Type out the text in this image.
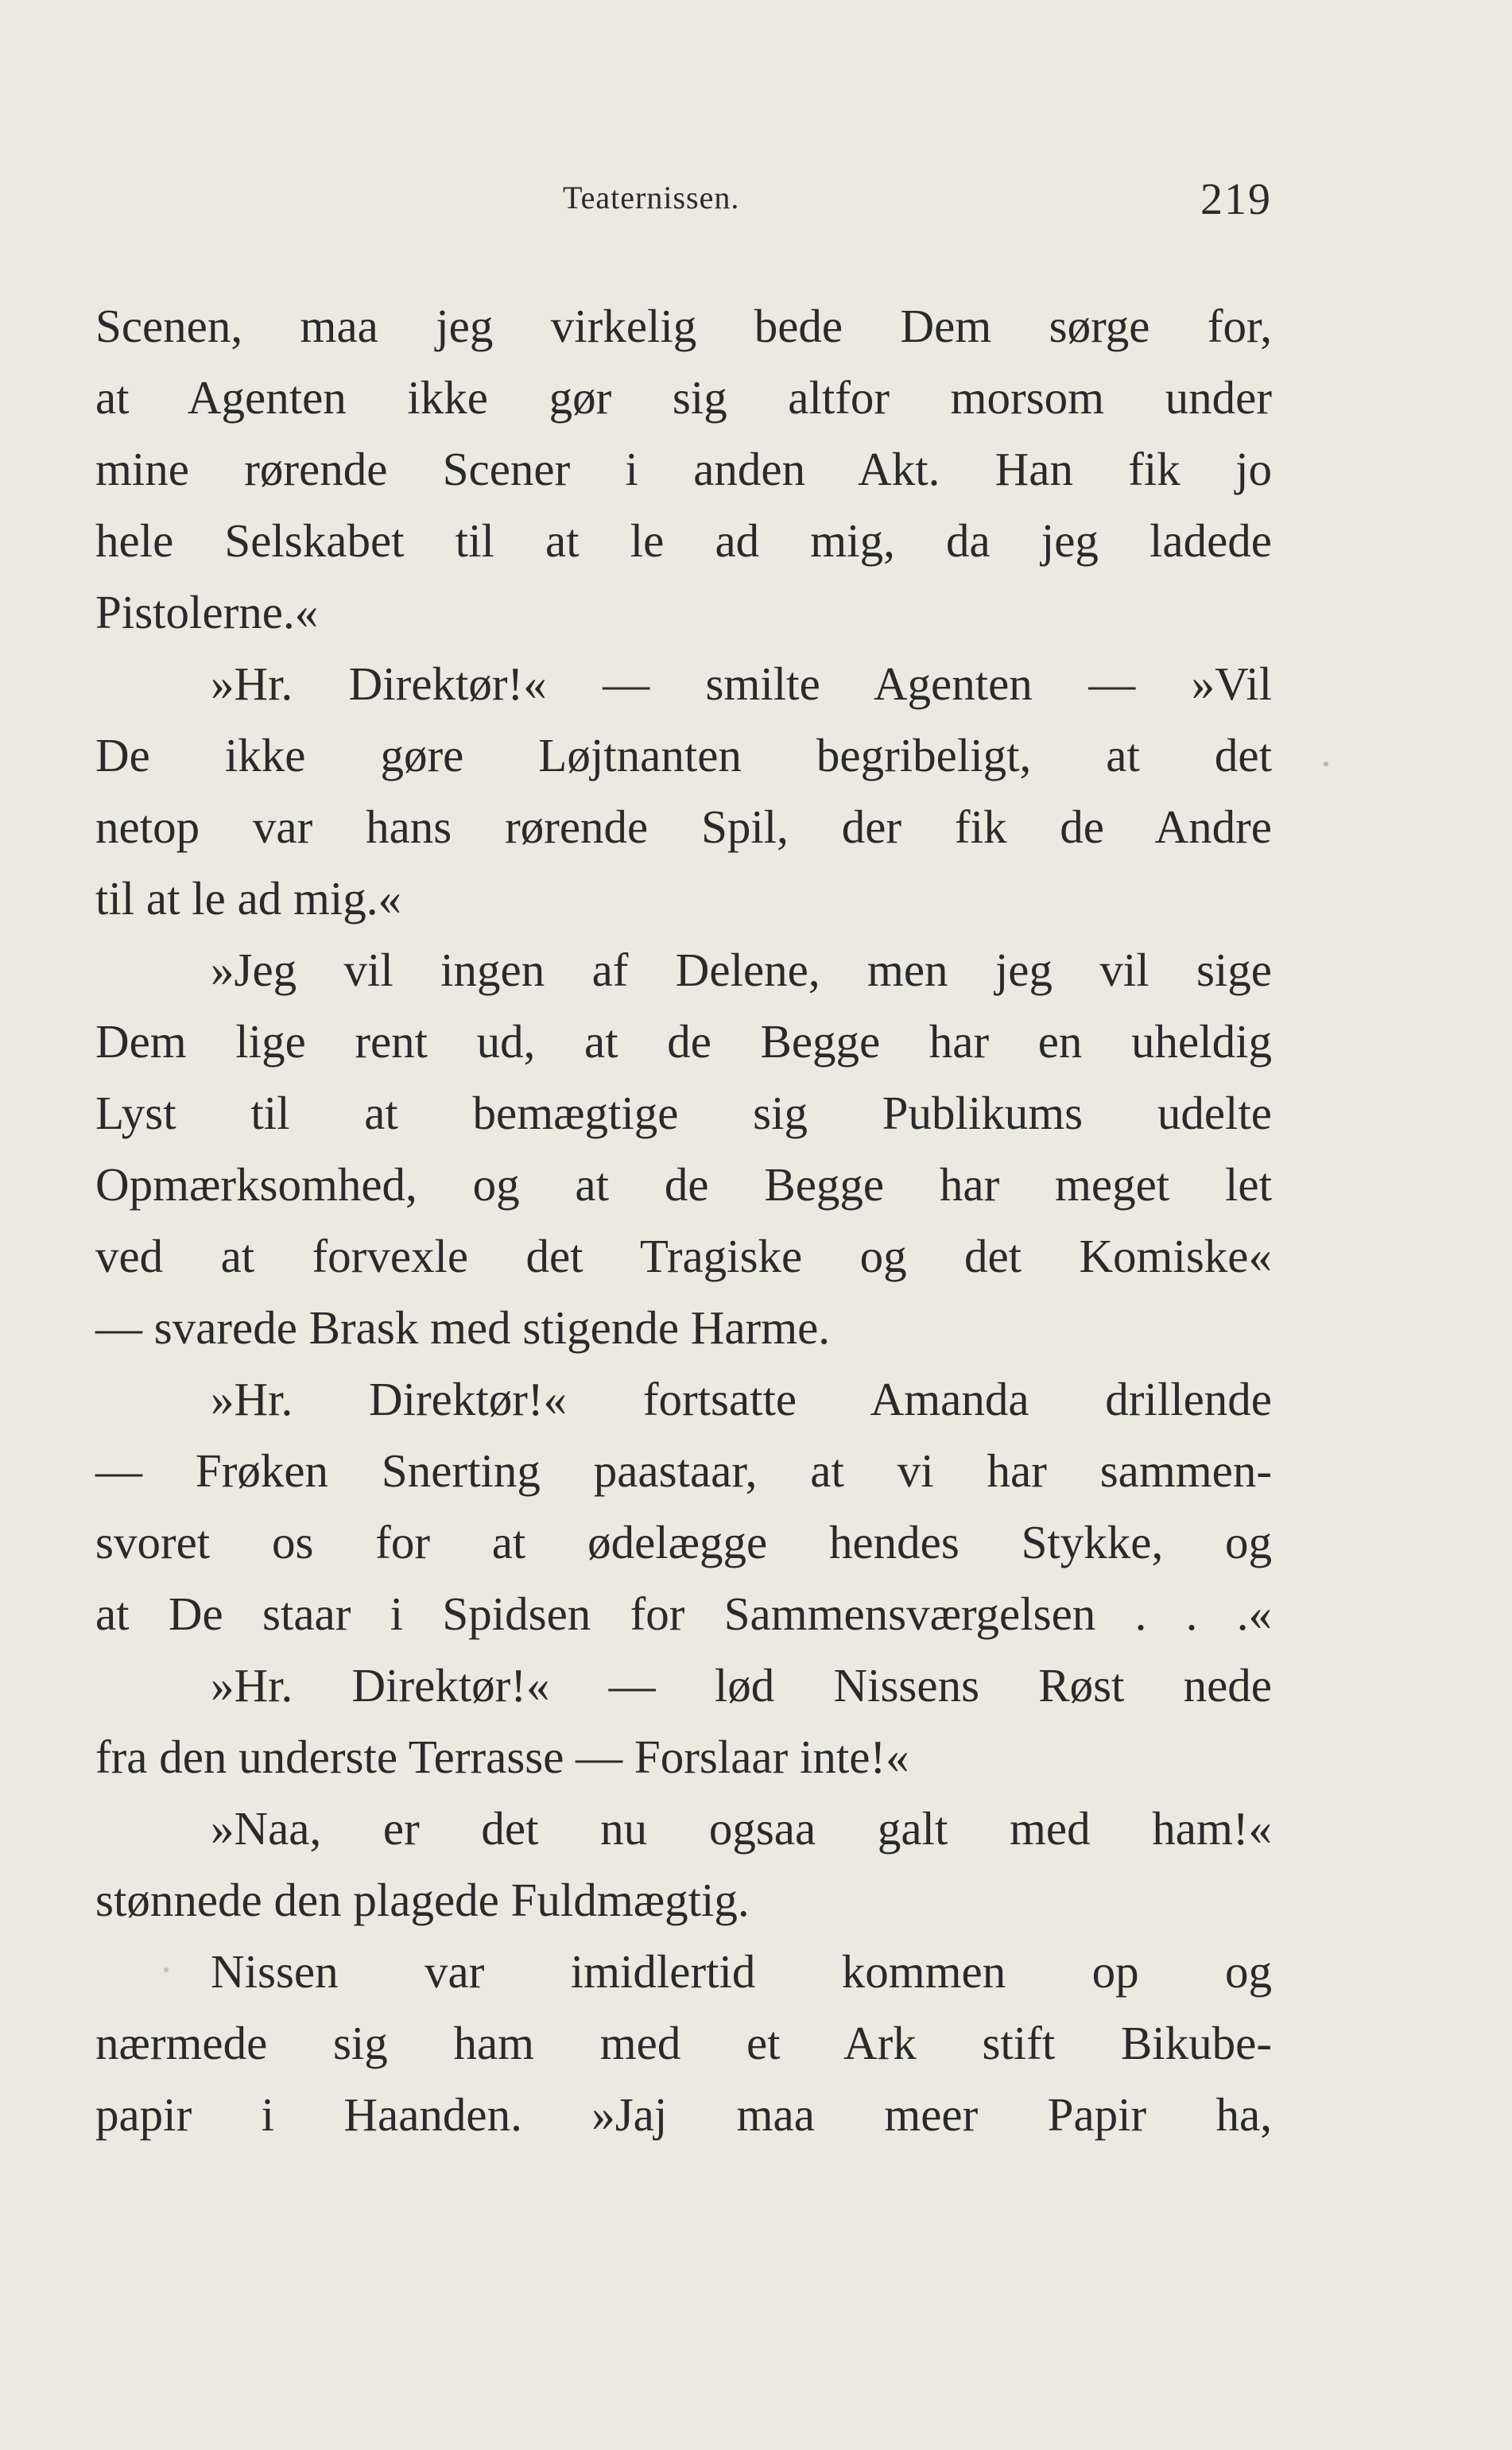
Teaternissen.	219
Scenen, maa jeg virkelig bede Dem sørge for,
at Agenten ikke gør sig altfor morsom under
mine rørende Scener i anden Akt. Han fik jo
hele Selskabet til at le ad mig, da jeg ladede
Pistolerne.«
»Hr. Direktør!« — smilte Agenten — »Vil
De ikke gøre Løjtnanten begribeligt, at det
netop var hans rørende Spil, der fik de Andre
til at le ad mig.«
»Jeg vil ingen af Delene, men jeg vil sige
Dem lige rent ud, at de Begge har en uheldig
Lyst til at bemægtige sig Publikums udelte
Opmærksomhed, og at de Begge har meget let
ved at forvexle det Tragiske og det Komiske«
— svarede Brask med stigende Harme.
»Hr. Direktør!« fortsatte Amanda drillende
— Frøken Snerting paastaar, at vi har sammen-
svoret os for at ødelægge hendes Stykke, og
at De staar i Spidsen for Sammensværgelsen . . .«
»Hr. Direktør!« — lød Nissens Røst nede
fra den underste Terrasse — Forslaar inte!«
»Naa, er det nu ogsaa galt med ham!«
stønnede den plagede Fuldmægtig.
Nissen var imidlertid kommen op og
nærmede sig ham med et Ark stift Bikube-
papir i Haanden. »Jaj maa meer Papir ha,
